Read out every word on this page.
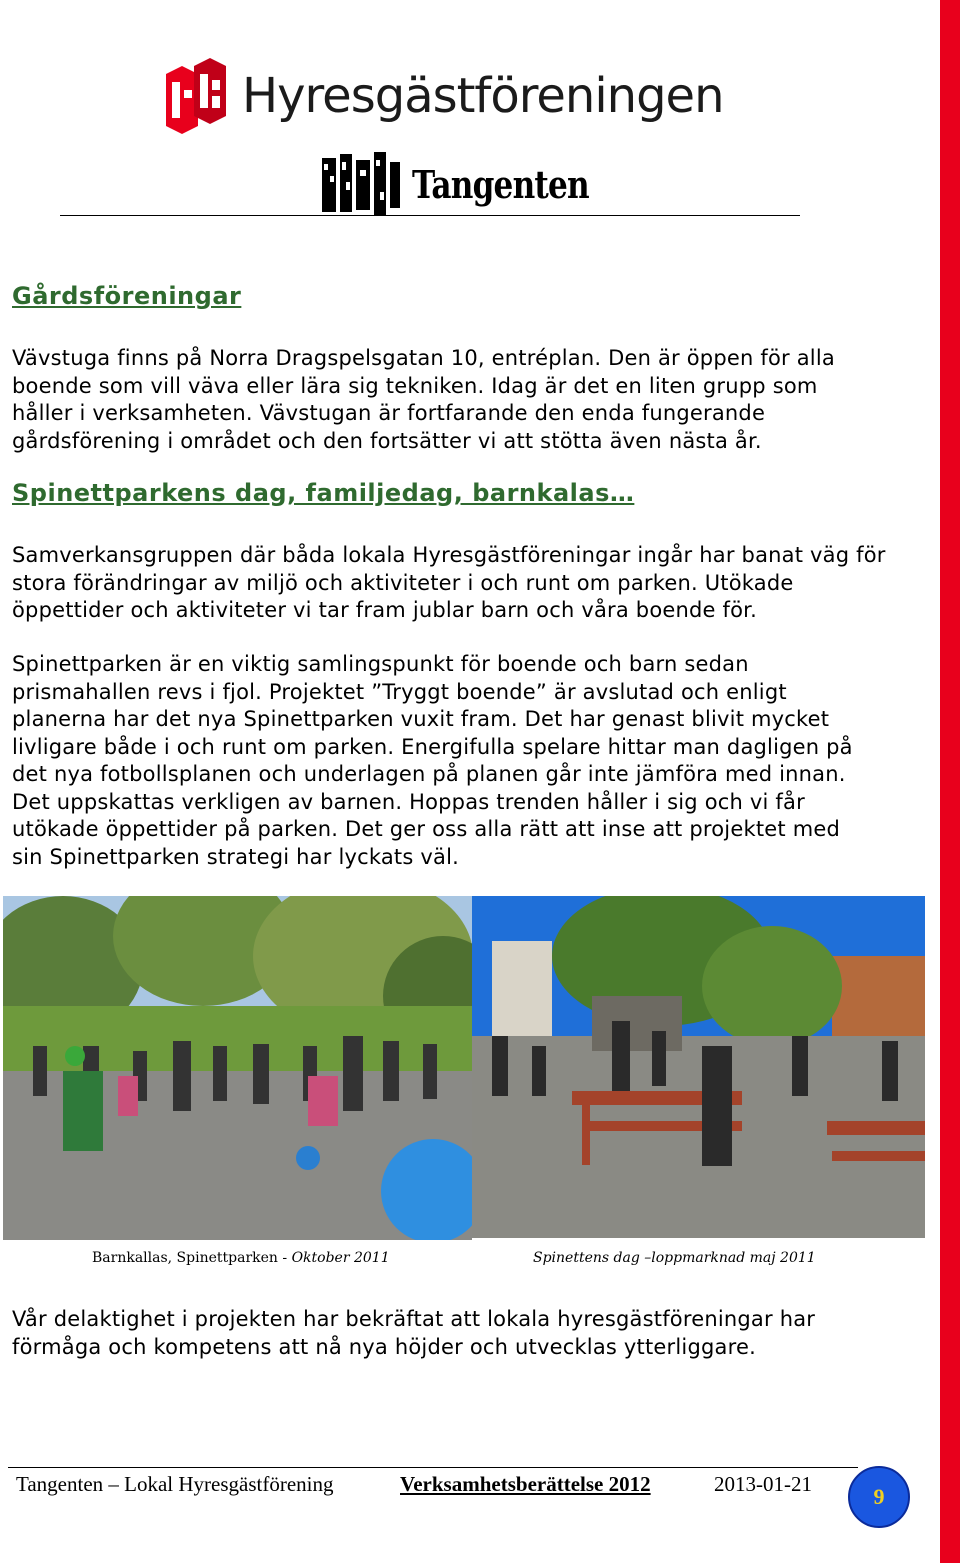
Hyresgästföreningen
Tangenten
Gårdsföreningar

Vävstuga finns på Norra Dragspelsgatan 10, entréplan. Den är öppen för alla boende som vill väva eller lära sig tekniken. Idag är det en liten grupp som håller i verksamheten. Vävstugan är fortfarande den enda fungerande gårdsförening i området och den fortsätter vi att stötta även nästa år.

Spinettparkens dag, familjedag, barnkalas…

Samverkansgruppen där båda lokala Hyresgästföreningar ingår har banat väg för stora förändringar av miljö och aktiviteter i och runt om parken. Utökade öppettider och aktiviteter vi tar fram jublar barn och våra boende för.

Spinettparken är en viktig samlingspunkt för boende och barn sedan prismahallen revs i fjol. Projektet ”Tryggt boende” är avslutad och enligt planerna har det nya Spinettparken vuxit fram. Det har genast blivit mycket livligare både i och runt om parken. Energifulla spelare hittar man dagligen på det nya fotbollsplanen och underlagen på planen går inte jämföra med innan. Det uppskattas verkligen av barnen. Hoppas trenden håller i sig och vi får utökade öppettider på parken. Det ger oss alla rätt att inse att projektet med sin Spinettparken strategi har lyckats väl.

Barnkallas, Spinettparken - Oktober 2011	Spinettens dag –loppmarknad maj 2011

Vår delaktighet i projekten har bekräftat att lokala hyresgästföreningar har förmåga och kompetens att nå nya höjder och utvecklas ytterliggare.

Tangenten – Lokal Hyresgästförening	Verksamhetsberättelse 2012	2013-01-21	9
